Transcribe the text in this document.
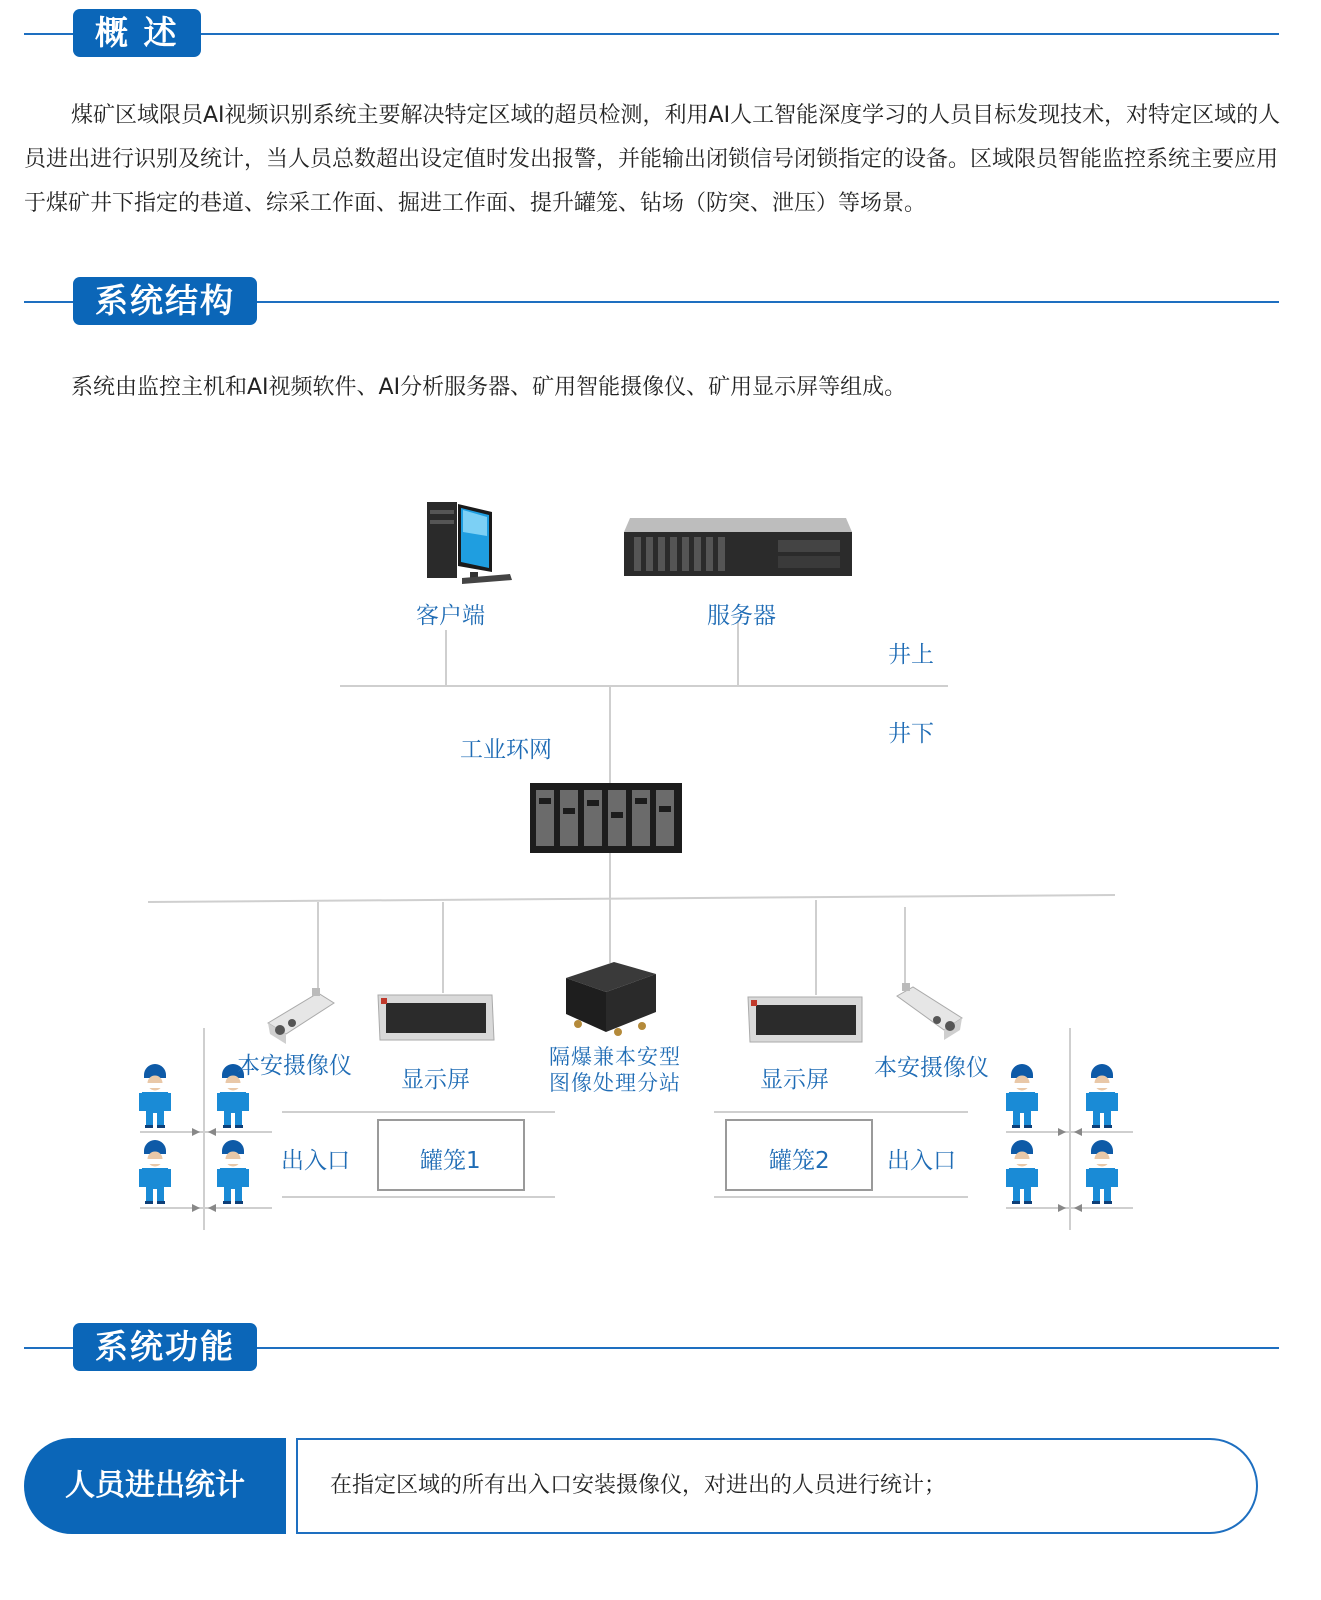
概 述

煤矿区域限员AI视频识别系统主要解决特定区域的超员检测，利用AI人工智能深度学习的人员目标发现技术，对特定区域的人员进出进行识别及统计，当人员总数超出设定值时发出报警，并能输出闭锁信号闭锁指定的设备。区域限员智能监控系统主要应用于煤矿井下指定的巷道、综采工作面、掘进工作面、提升罐笼、钻场（防突、泄压）等场景。

系统结构
系统由监控主机和AI视频软件、AI分析服务器、矿用智能摄像仪、矿用显示屏等组成。
客户端	服务器
井上
井下
工业环网
本安摄像仪
显示屏
隔爆兼本安型
图像处理分站	显示屏 本安摄像仪
出入口	罐笼1	罐笼2 出入口
系统功能
人员进出统计	在指定区域的所有出入口安装摄像仪，对进出的人员进行统计；
